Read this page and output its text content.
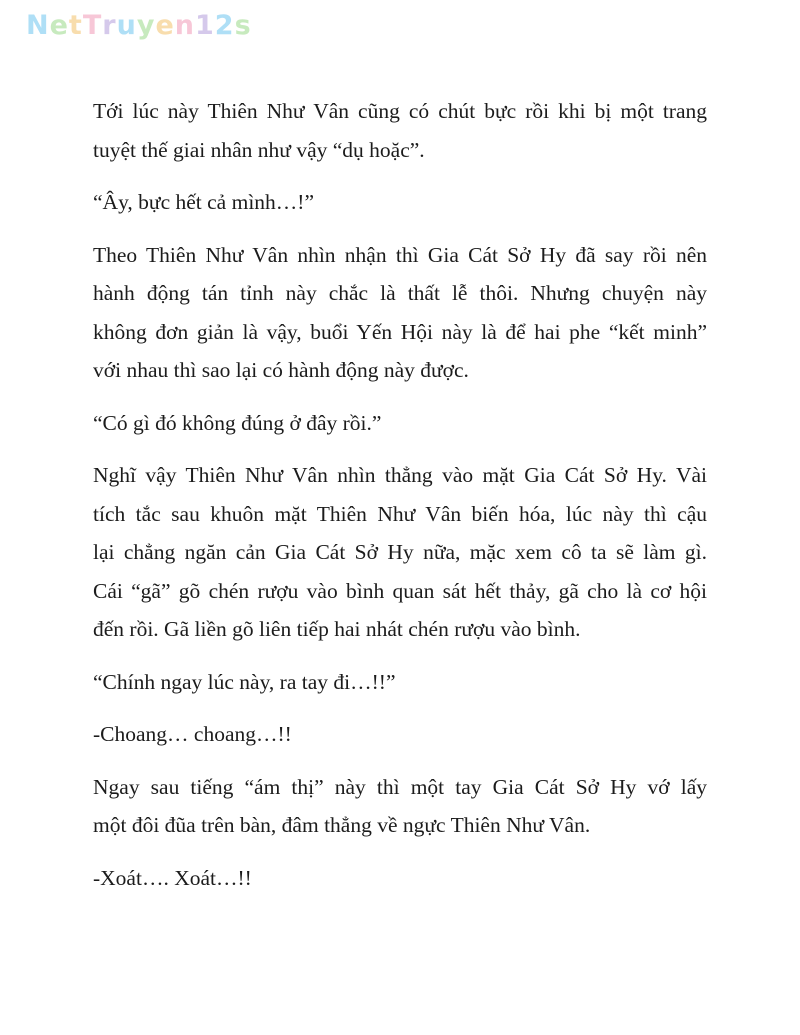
NetTruyen12s

Tới lúc này Thiên Như Vân cũng có chút bực rồi khi bị một trang
tuyệt thế giai nhân như vậy “dụ hoặc”.

“Ây, bực hết cả mình…!”

Theo Thiên Như Vân nhìn nhận thì Gia Cát Sở Hy đã say rồi nên
hành động tán tỉnh này chắc là thất lễ thôi. Nhưng chuyện này
không đơn giản là vậy, buổi Yến Hội này là để hai phe “kết minh”
với nhau thì sao lại có hành động này được.

“Có gì đó không đúng ở đây rồi.”

Nghĩ vậy Thiên Như Vân nhìn thẳng vào mặt Gia Cát Sở Hy. Vài
tích tắc sau khuôn mặt Thiên Như Vân biến hóa, lúc này thì cậu
lại chẳng ngăn cản Gia Cát Sở Hy nữa, mặc xem cô ta sẽ làm gì.
Cái “gã” gõ chén rượu vào bình quan sát hết thảy, gã cho là cơ hội
đến rồi. Gã liền gõ liên tiếp hai nhát chén rượu vào bình.

“Chính ngay lúc này, ra tay đi…!!”

-Choang… choang…!!

Ngay sau tiếng “ám thị” này thì một tay Gia Cát Sở Hy vớ lấy
một đôi đũa trên bàn, đâm thẳng về ngực Thiên Như Vân.

-Xoát…. Xoát…!!
